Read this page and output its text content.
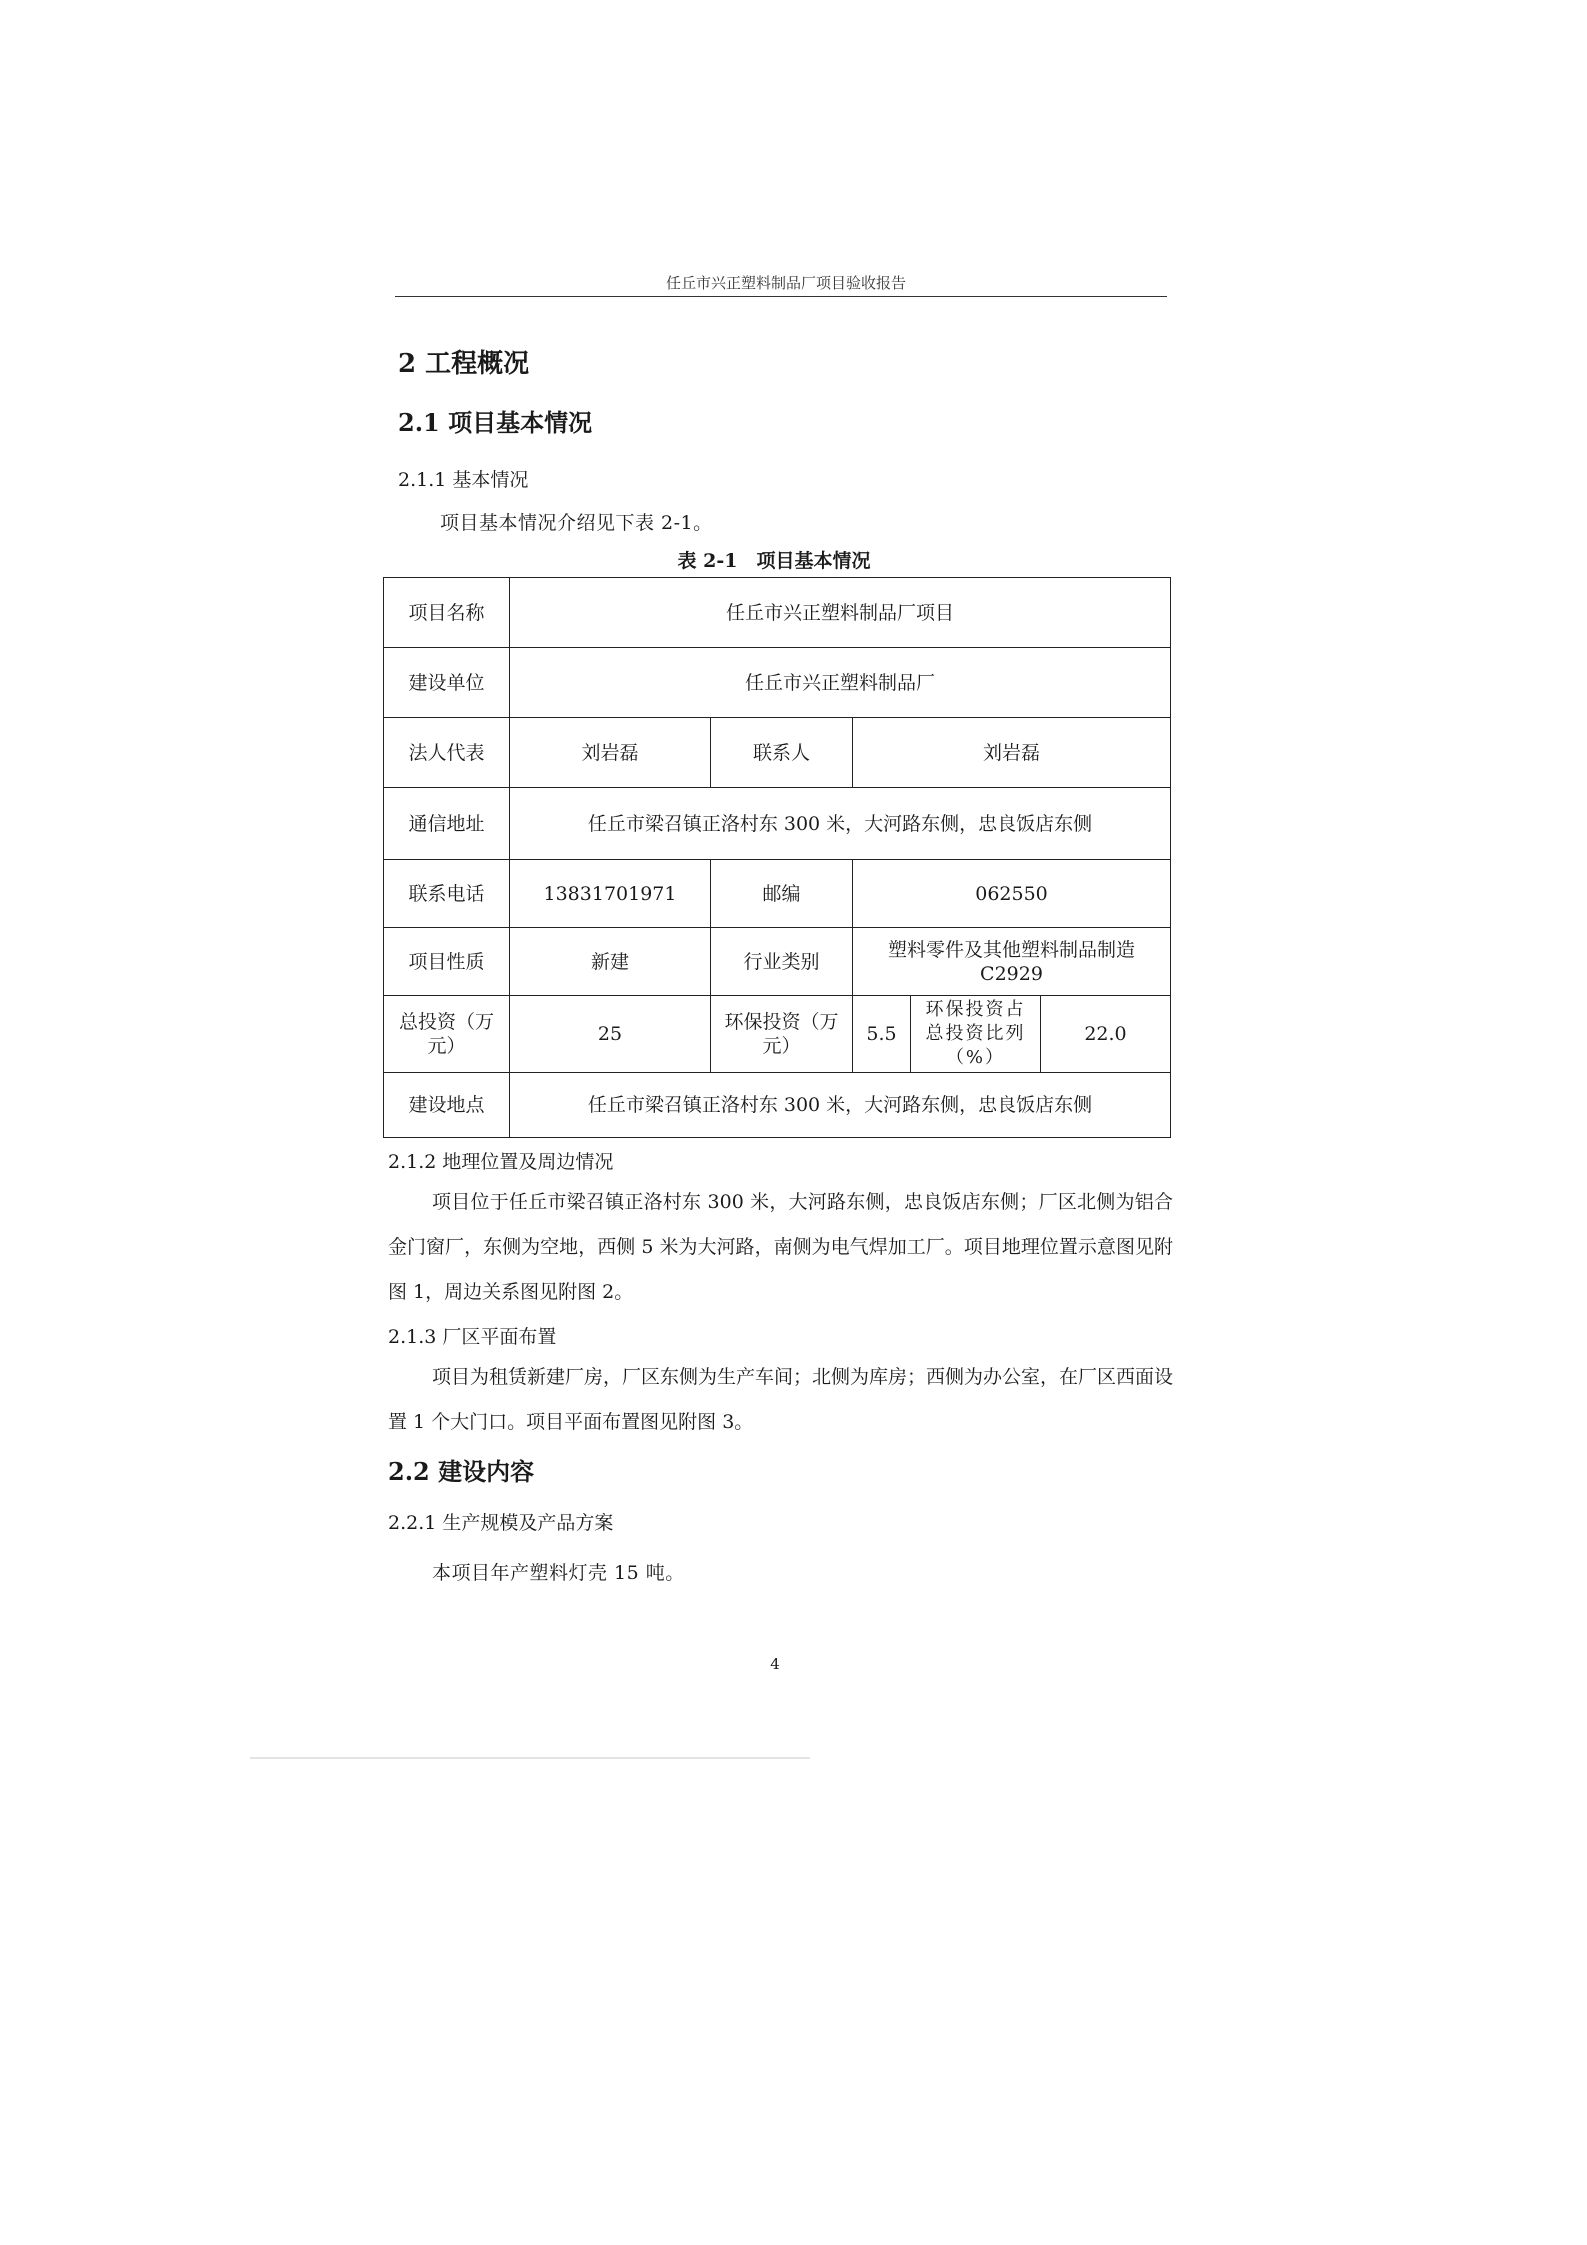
任丘市兴正塑料制品厂项目验收报告
2 工程概况
2.1 项目基本情况
2.1.1 基本情况
项目基本情况介绍见下表 2-1。
表 2-1　项目基本情况
项目名称	任丘市兴正塑料制品厂项目				
建设单位	任丘市兴正塑料制品厂				
法人代表	刘岩磊	联系人	刘岩磊		
通信地址	任丘市梁召镇正洛村东 300 米，大河路东侧，忠良饭店东侧				
联系电话	13831701971	邮编	062550		
项目性质	新建	行业类别	塑料零件及其他塑料制品制造 C2929		
总投资（万元）	25	环保投资（万元）	5.5	环保投资占总投资比列（%）	22.0
建设地点	任丘市梁召镇正洛村东 300 米，大河路东侧，忠良饭店东侧				
2.1.2 地理位置及周边情况
项目位于任丘市梁召镇正洛村东 300 米，大河路东侧，忠良饭店东侧；厂区北侧为铝合金门窗厂，东侧为空地，西侧 5 米为大河路，南侧为电气焊加工厂。项目地理位置示意图见附图 1，周边关系图见附图 2。
2.1.3 厂区平面布置
项目为租赁新建厂房，厂区东侧为生产车间；北侧为库房；西侧为办公室，在厂区西面设置 1 个大门口。项目平面布置图见附图 3。
2.2 建设内容
2.2.1 生产规模及产品方案
本项目年产塑料灯壳 15 吨。
4
